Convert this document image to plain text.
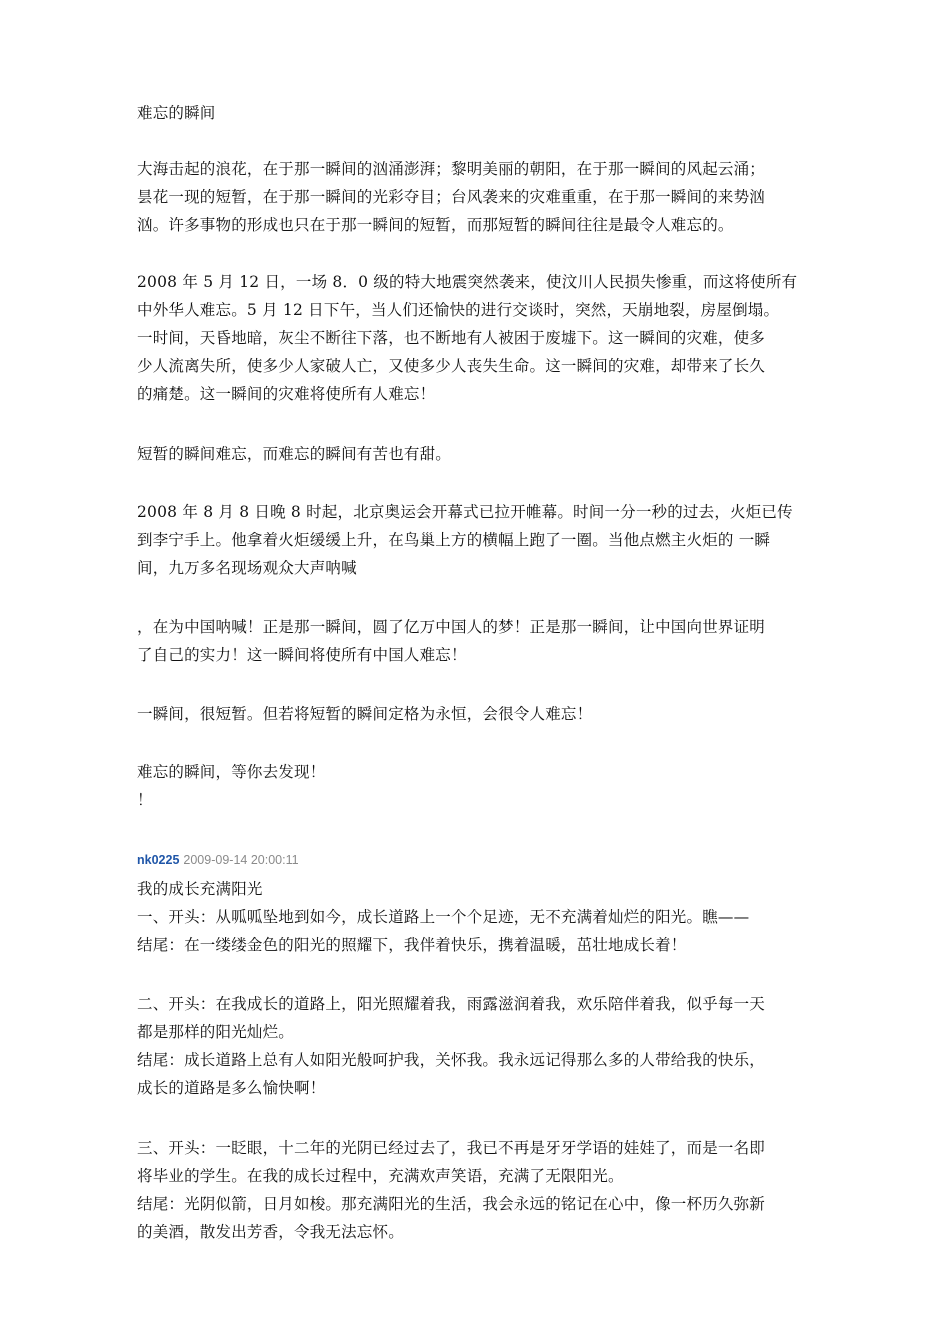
难忘的瞬间
大海击起的浪花，在于那一瞬间的汹涌澎湃；黎明美丽的朝阳，在于那一瞬间的风起云涌；
昙花一现的短暂，在于那一瞬间的光彩夺目；台风袭来的灾难重重，在于那一瞬间的来势汹
汹。许多事物的形成也只在于那一瞬间的短暂，而那短暂的瞬间往往是最令人难忘的。
2008 年 5 月 12 日，一场 8．0 级的特大地震突然袭来，使汶川人民损失惨重，而这将使所有
中外华人难忘。5 月 12 日下午，当人们还愉快的进行交谈时，突然，天崩地裂，房屋倒塌。
一时间，天昏地暗，灰尘不断往下落，也不断地有人被困于废墟下。这一瞬间的灾难，使多
少人流离失所，使多少人家破人亡，又使多少人丧失生命。这一瞬间的灾难，却带来了长久
的痛楚。这一瞬间的灾难将使所有人难忘！
短暂的瞬间难忘，而难忘的瞬间有苦也有甜。
2008 年 8 月 8 日晚 8 时起，北京奥运会开幕式已拉开帷幕。时间一分一秒的过去，火炬已传
到李宁手上。他拿着火炬缓缓上升，在鸟巢上方的横幅上跑了一圈。当他点燃主火炬的 一瞬
间，九万多名现场观众大声呐喊
，在为中国呐喊！正是那一瞬间，圆了亿万中国人的梦！正是那一瞬间，让中国向世界证明
了自己的实力！这一瞬间将使所有中国人难忘！
一瞬间，很短暂。但若将短暂的瞬间定格为永恒，会很令人难忘！
难忘的瞬间，等你去发现！
！
nk0225 2009-09-14 20:00:11
我的成长充满阳光
一、开头：从呱呱坠地到如今，成长道路上一个个足迹，无不充满着灿烂的阳光。瞧——
结尾：在一缕缕金色的阳光的照耀下，我伴着快乐，携着温暖，茁壮地成长着！
二、开头：在我成长的道路上，阳光照耀着我，雨露滋润着我，欢乐陪伴着我，似乎每一天
都是那样的阳光灿烂。
结尾：成长道路上总有人如阳光般呵护我，关怀我。我永远记得那么多的人带给我的快乐，
成长的道路是多么愉快啊！
三、开头：一眨眼，十二年的光阴已经过去了，我已不再是牙牙学语的娃娃了，而是一名即
将毕业的学生。在我的成长过程中，充满欢声笑语，充满了无限阳光。
结尾：光阴似箭，日月如梭。那充满阳光的生活，我会永远的铭记在心中，像一杯历久弥新
的美酒，散发出芳香，令我无法忘怀。
